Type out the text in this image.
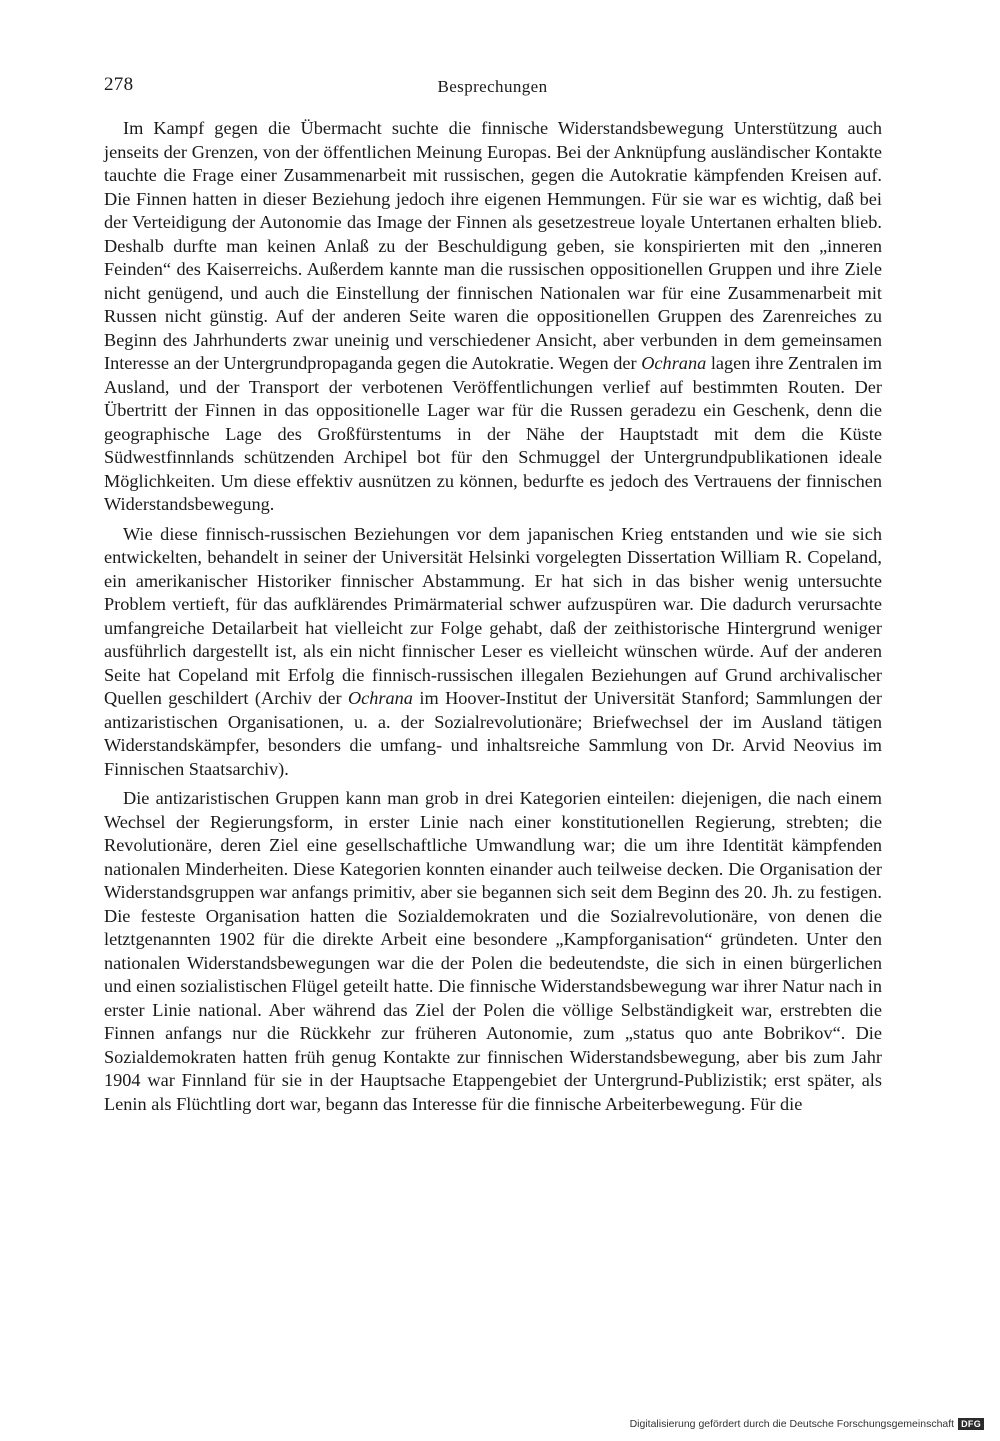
278	Besprechungen

Im Kampf gegen die Übermacht suchte die finnische Widerstandsbewegung Unterstützung auch jenseits der Grenzen, von der öffentlichen Meinung Europas. Bei der Anknüpfung ausländischer Kontakte tauchte die Frage einer Zusammenarbeit mit russischen, gegen die Autokratie kämpfenden Kreisen auf. Die Finnen hatten in dieser Beziehung jedoch ihre eigenen Hemmungen. Für sie war es wichtig, daß bei der Verteidigung der Autonomie das Image der Finnen als gesetzestreue loyale Untertanen erhalten blieb. Deshalb durfte man keinen Anlaß zu der Beschuldigung geben, sie konspirierten mit den „inneren Feinden“ des Kaiserreichs. Außerdem kannte man die russischen oppositionellen Gruppen und ihre Ziele nicht genügend, und auch die Einstellung der finnischen Nationalen war für eine Zusammenarbeit mit Russen nicht günstig. Auf der anderen Seite waren die oppositionellen Gruppen des Zarenreiches zu Beginn des Jahrhunderts zwar uneinig und verschiedener Ansicht, aber verbunden in dem gemeinsamen Interesse an der Untergrundpropaganda gegen die Autokratie. Wegen der Ochrana lagen ihre Zentralen im Ausland, und der Transport der verbotenen Veröffentlichungen verlief auf bestimmten Routen. Der Übertritt der Finnen in das oppositionelle Lager war für die Russen geradezu ein Geschenk, denn die geographische Lage des Großfürstentums in der Nähe der Hauptstadt mit dem die Küste Südwestfinnlands schützenden Archipel bot für den Schmuggel der Untergrundpublikationen ideale Möglichkeiten. Um diese effektiv ausnützen zu können, bedurfte es jedoch des Vertrauens der finnischen Widerstandsbewegung.

Wie diese finnisch-russischen Beziehungen vor dem japanischen Krieg entstanden und wie sie sich entwickelten, behandelt in seiner der Universität Helsinki vorgelegten Dissertation William R. Copeland, ein amerikanischer Historiker finnischer Abstammung. Er hat sich in das bisher wenig untersuchte Problem vertieft, für das aufklärendes Primärmaterial schwer aufzuspüren war. Die dadurch verursachte umfangreiche Detailarbeit hat vielleicht zur Folge gehabt, daß der zeithistorische Hintergrund weniger ausführlich dargestellt ist, als ein nicht finnischer Leser es vielleicht wünschen würde. Auf der anderen Seite hat Copeland mit Erfolg die finnisch-russischen illegalen Beziehungen auf Grund archivalischer Quellen geschildert (Archiv der Ochrana im Hoover-Institut der Universität Stanford; Sammlungen der antizaristischen Organisationen, u. a. der Sozialrevolutionäre; Briefwechsel der im Ausland tätigen Widerstandskämpfer, besonders die umfang- und inhaltsreiche Sammlung von Dr. Arvid Neovius im Finnischen Staatsarchiv).

Die antizaristischen Gruppen kann man grob in drei Kategorien einteilen: diejenigen, die nach einem Wechsel der Regierungsform, in erster Linie nach einer konstitutionellen Regierung, strebten; die Revolutionäre, deren Ziel eine gesellschaftliche Umwandlung war; die um ihre Identität kämpfenden nationalen Minderheiten. Diese Kategorien konnten einander auch teilweise decken. Die Organisation der Widerstandsgruppen war anfangs primitiv, aber sie begannen sich seit dem Beginn des 20. Jh. zu festigen. Die festeste Organisation hatten die Sozialdemokraten und die Sozialrevolutionäre, von denen die letztgenannten 1902 für die direkte Arbeit eine besondere „Kampforganisation“ gründeten. Unter den nationalen Widerstandsbewegungen war die der Polen die bedeutendste, die sich in einen bürgerlichen und einen sozialistischen Flügel geteilt hatte. Die finnische Widerstandsbewegung war ihrer Natur nach in erster Linie national. Aber während das Ziel der Polen die völlige Selbständigkeit war, erstrebten die Finnen anfangs nur die Rückkehr zur früheren Autonomie, zum „status quo ante Bobrikov“. Die Sozialdemokraten hatten früh genug Kontakte zur finnischen Widerstandsbewegung, aber bis zum Jahr 1904 war Finnland für sie in der Hauptsache Etappengebiet der Untergrund-Publizistik; erst später, als Lenin als Flüchtling dort war, begann das Interesse für die finnische Arbeiterbewegung. Für die

Digitalisierung gefördert durch die Deutsche Forschungsgemeinschaft DFG
